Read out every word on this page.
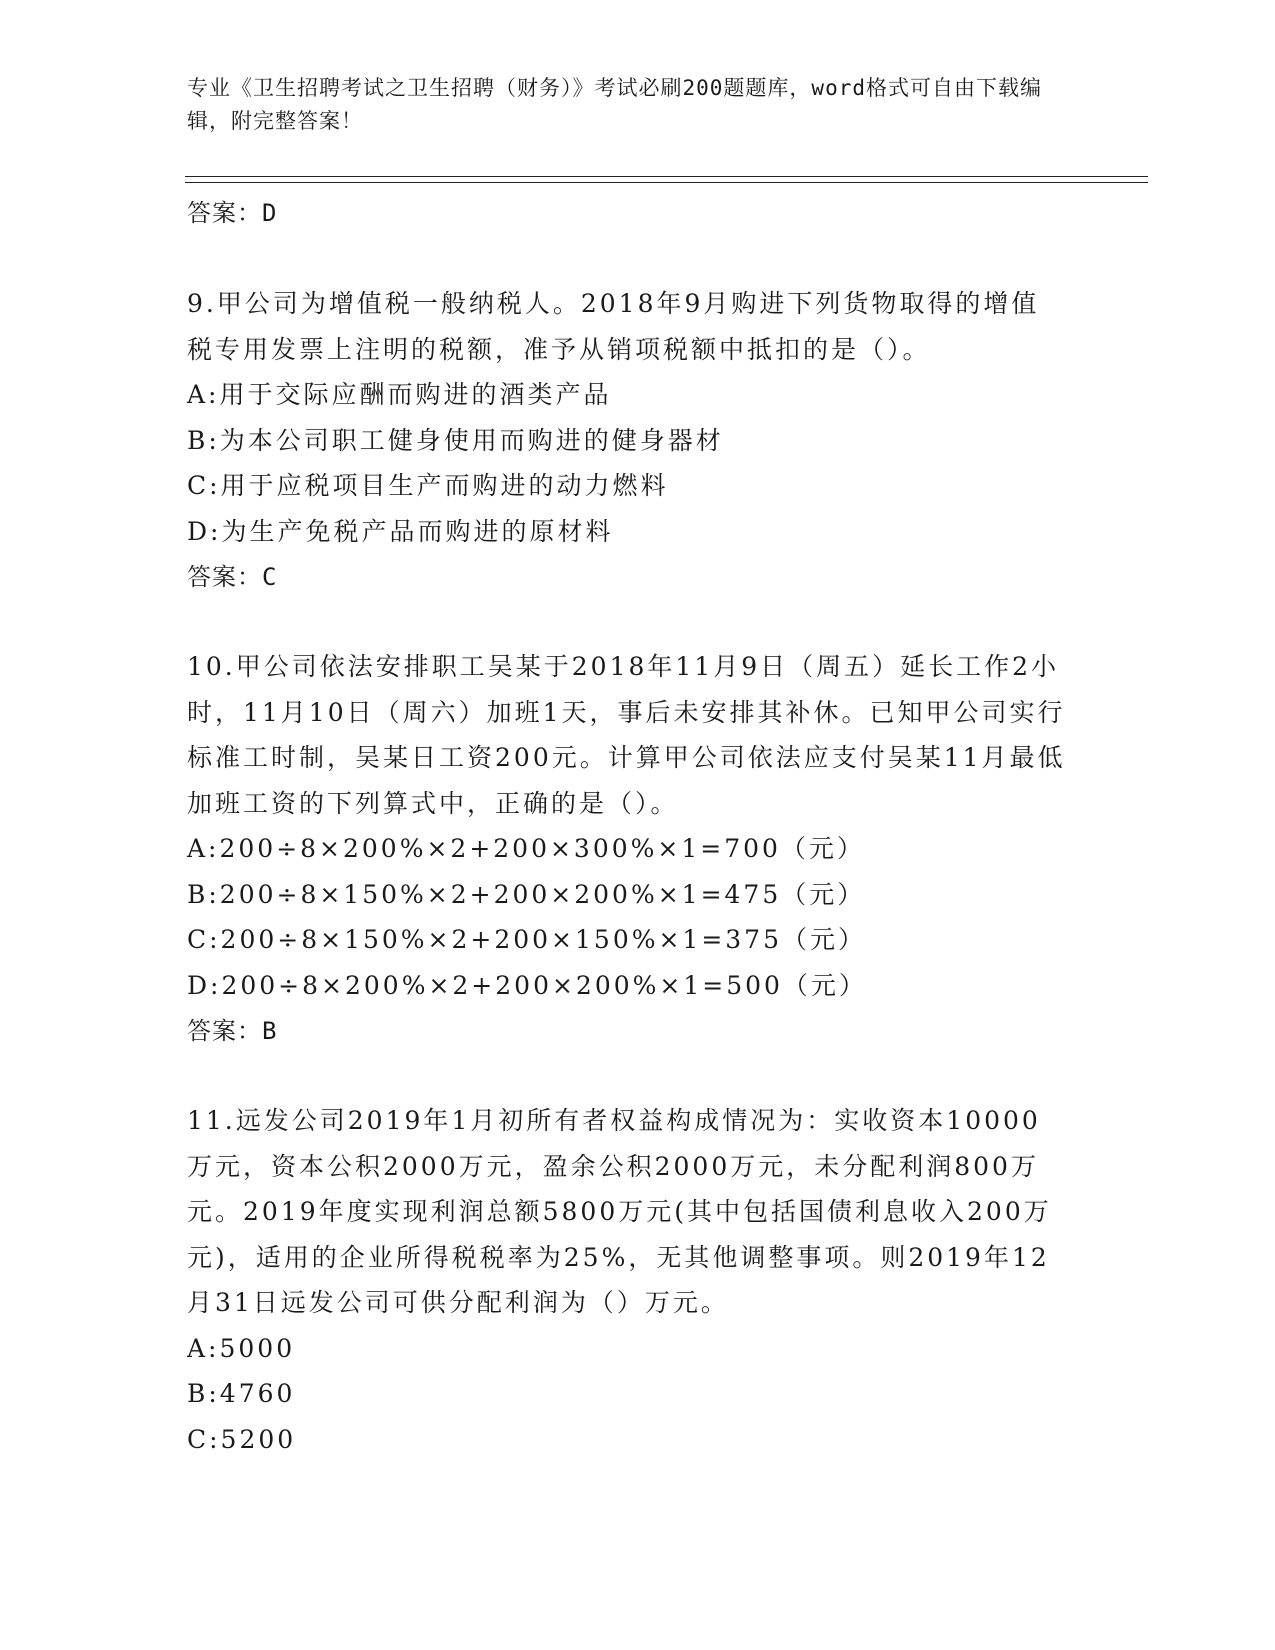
专业《卫生招聘考试之卫生招聘（财务）》考试必刷200题题库，word格式可自由下载编辑，附完整答案！
答案：D
9.甲公司为增值税一般纳税人。2018年9月购进下列货物取得的增值税专用发票上注明的税额，准予从销项税额中抵扣的是（）。
A:用于交际应酬而购进的酒类产品
B:为本公司职工健身使用而购进的健身器材
C:用于应税项目生产而购进的动力燃料
D:为生产免税产品而购进的原材料
答案：C
10.甲公司依法安排职工吴某于2018年11月9日（周五）延长工作2小时，11月10日（周六）加班1天，事后未安排其补休。已知甲公司实行标准工时制，吴某日工资200元。计算甲公司依法应支付吴某11月最低加班工资的下列算式中，正确的是（）。
A:200÷8×200%×2+200×300%×1=700（元）
B:200÷8×150%×2+200×200%×1=475（元）
C:200÷8×150%×2+200×150%×1=375（元）
D:200÷8×200%×2+200×200%×1=500（元）
答案：B
11.远发公司2019年1月初所有者权益构成情况为：实收资本10000万元，资本公积2000万元，盈余公积2000万元，未分配利润800万元。2019年度实现利润总额5800万元(其中包括国债利息收入200万元)，适用的企业所得税税率为25%，无其他调整事项。则2019年12月31日远发公司可供分配利润为（）万元。
A:5000
B:4760
C:5200
